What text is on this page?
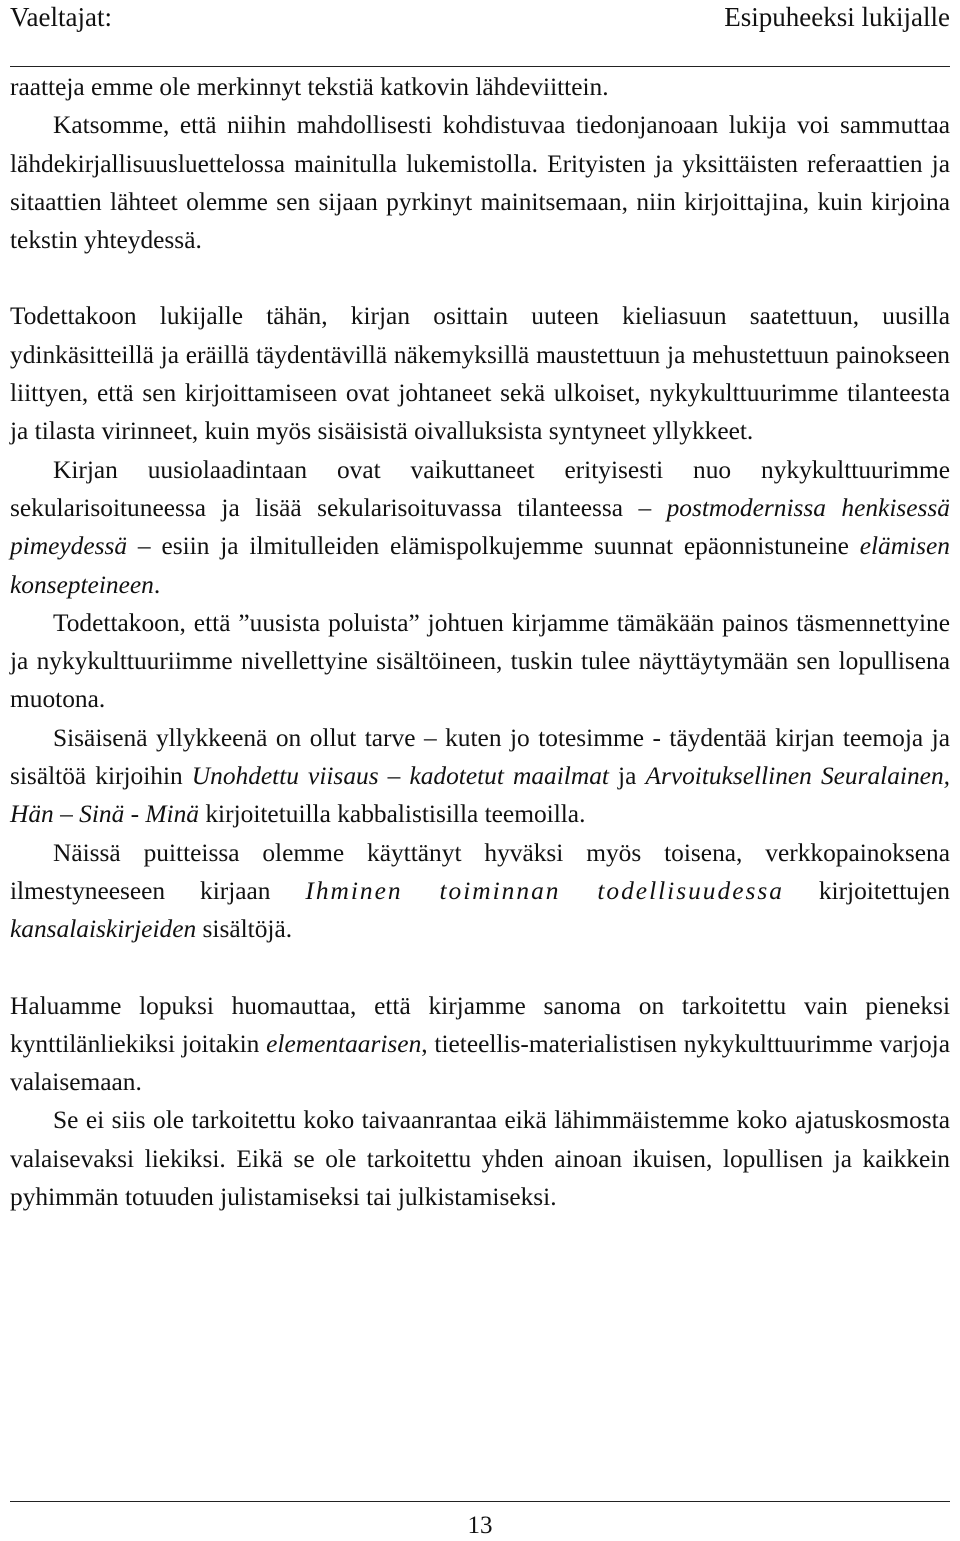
Vaeltajat:	Esipuheeksi lukijalle

raatteja emme ole merkinnyt tekstiä katkovin lähdeviittein.

Katsomme, että niihin mahdollisesti kohdistuvaa tiedonjanoaan lukija voi sammuttaa lähdekirjallisuusluettelossa mainitulla lukemistolla. Erityisten ja yksittäisten referaattien ja sitaattien lähteet olemme sen sijaan pyrkinyt mainitsemaan, niin kirjoittajina, kuin kirjoina tekstin yhteydessä.

Todettakoon lukijalle tähän, kirjan osittain uuteen kieliasuun saatettuun, uusilla ydinkäsitteillä ja eräillä täydentävillä näkemyksillä maustettuun ja mehustettuun painokseen liittyen, että sen kirjoittamiseen ovat johtaneet sekä ulkoiset, nykykulttuurimme tilanteesta ja tilasta virinneet, kuin myös sisäisistä oivalluksista syntyneet yllykkeet.

Kirjan uusiolaadintaan ovat vaikuttaneet erityisesti nuo nykykulttuurimme sekularisoituneessa ja lisää sekularisoituvassa tilanteessa – postmodernissa henkisessä pimeydessä – esiin ja ilmitulleiden elämispolkujemme suunnat epäonnistuneine elämisen konsepteineen.

Todettakoon, että ”uusista poluista” johtuen kirjamme tämäkään painos täsmennettyine ja nykykulttuuriimme nivellettyine sisältöineen, tuskin tulee näyttäytymään sen lopullisena muotona.

Sisäisenä yllykkeenä on ollut tarve – kuten jo totesimme - täydentää kirjan teemoja ja sisältöä kirjoihin Unohdettu viisaus – kadotetut maailmat ja Arvoituksellinen Seuralainen, Hän – Sinä - Minä kirjoitetuilla kabbalistisilla teemoilla.

Näissä puitteissa olemme käyttänyt hyväksi myös toisena, verkkopainoksena ilmestyneeseen kirjaan Ihminen toiminnan todellisuudessa kirjoitettujen kansalaiskirjeiden sisältöjä.

Haluamme lopuksi huomauttaa, että kirjamme sanoma on tarkoitettu vain pieneksi kynttilänliekiksi joitakin elementaarisen, tieteellis-materialistisen nykykulttuurimme varjoja valaisemaan.

Se ei siis ole tarkoitettu koko taivaanrantaa eikä lähimmäistemme koko ajatuskosmosta valaisevaksi liekiksi. Eikä se ole tarkoitettu yhden ainoan ikuisen, lopullisen ja kaikkein pyhimmän totuuden julistamiseksi tai julkistamiseksi.

13
